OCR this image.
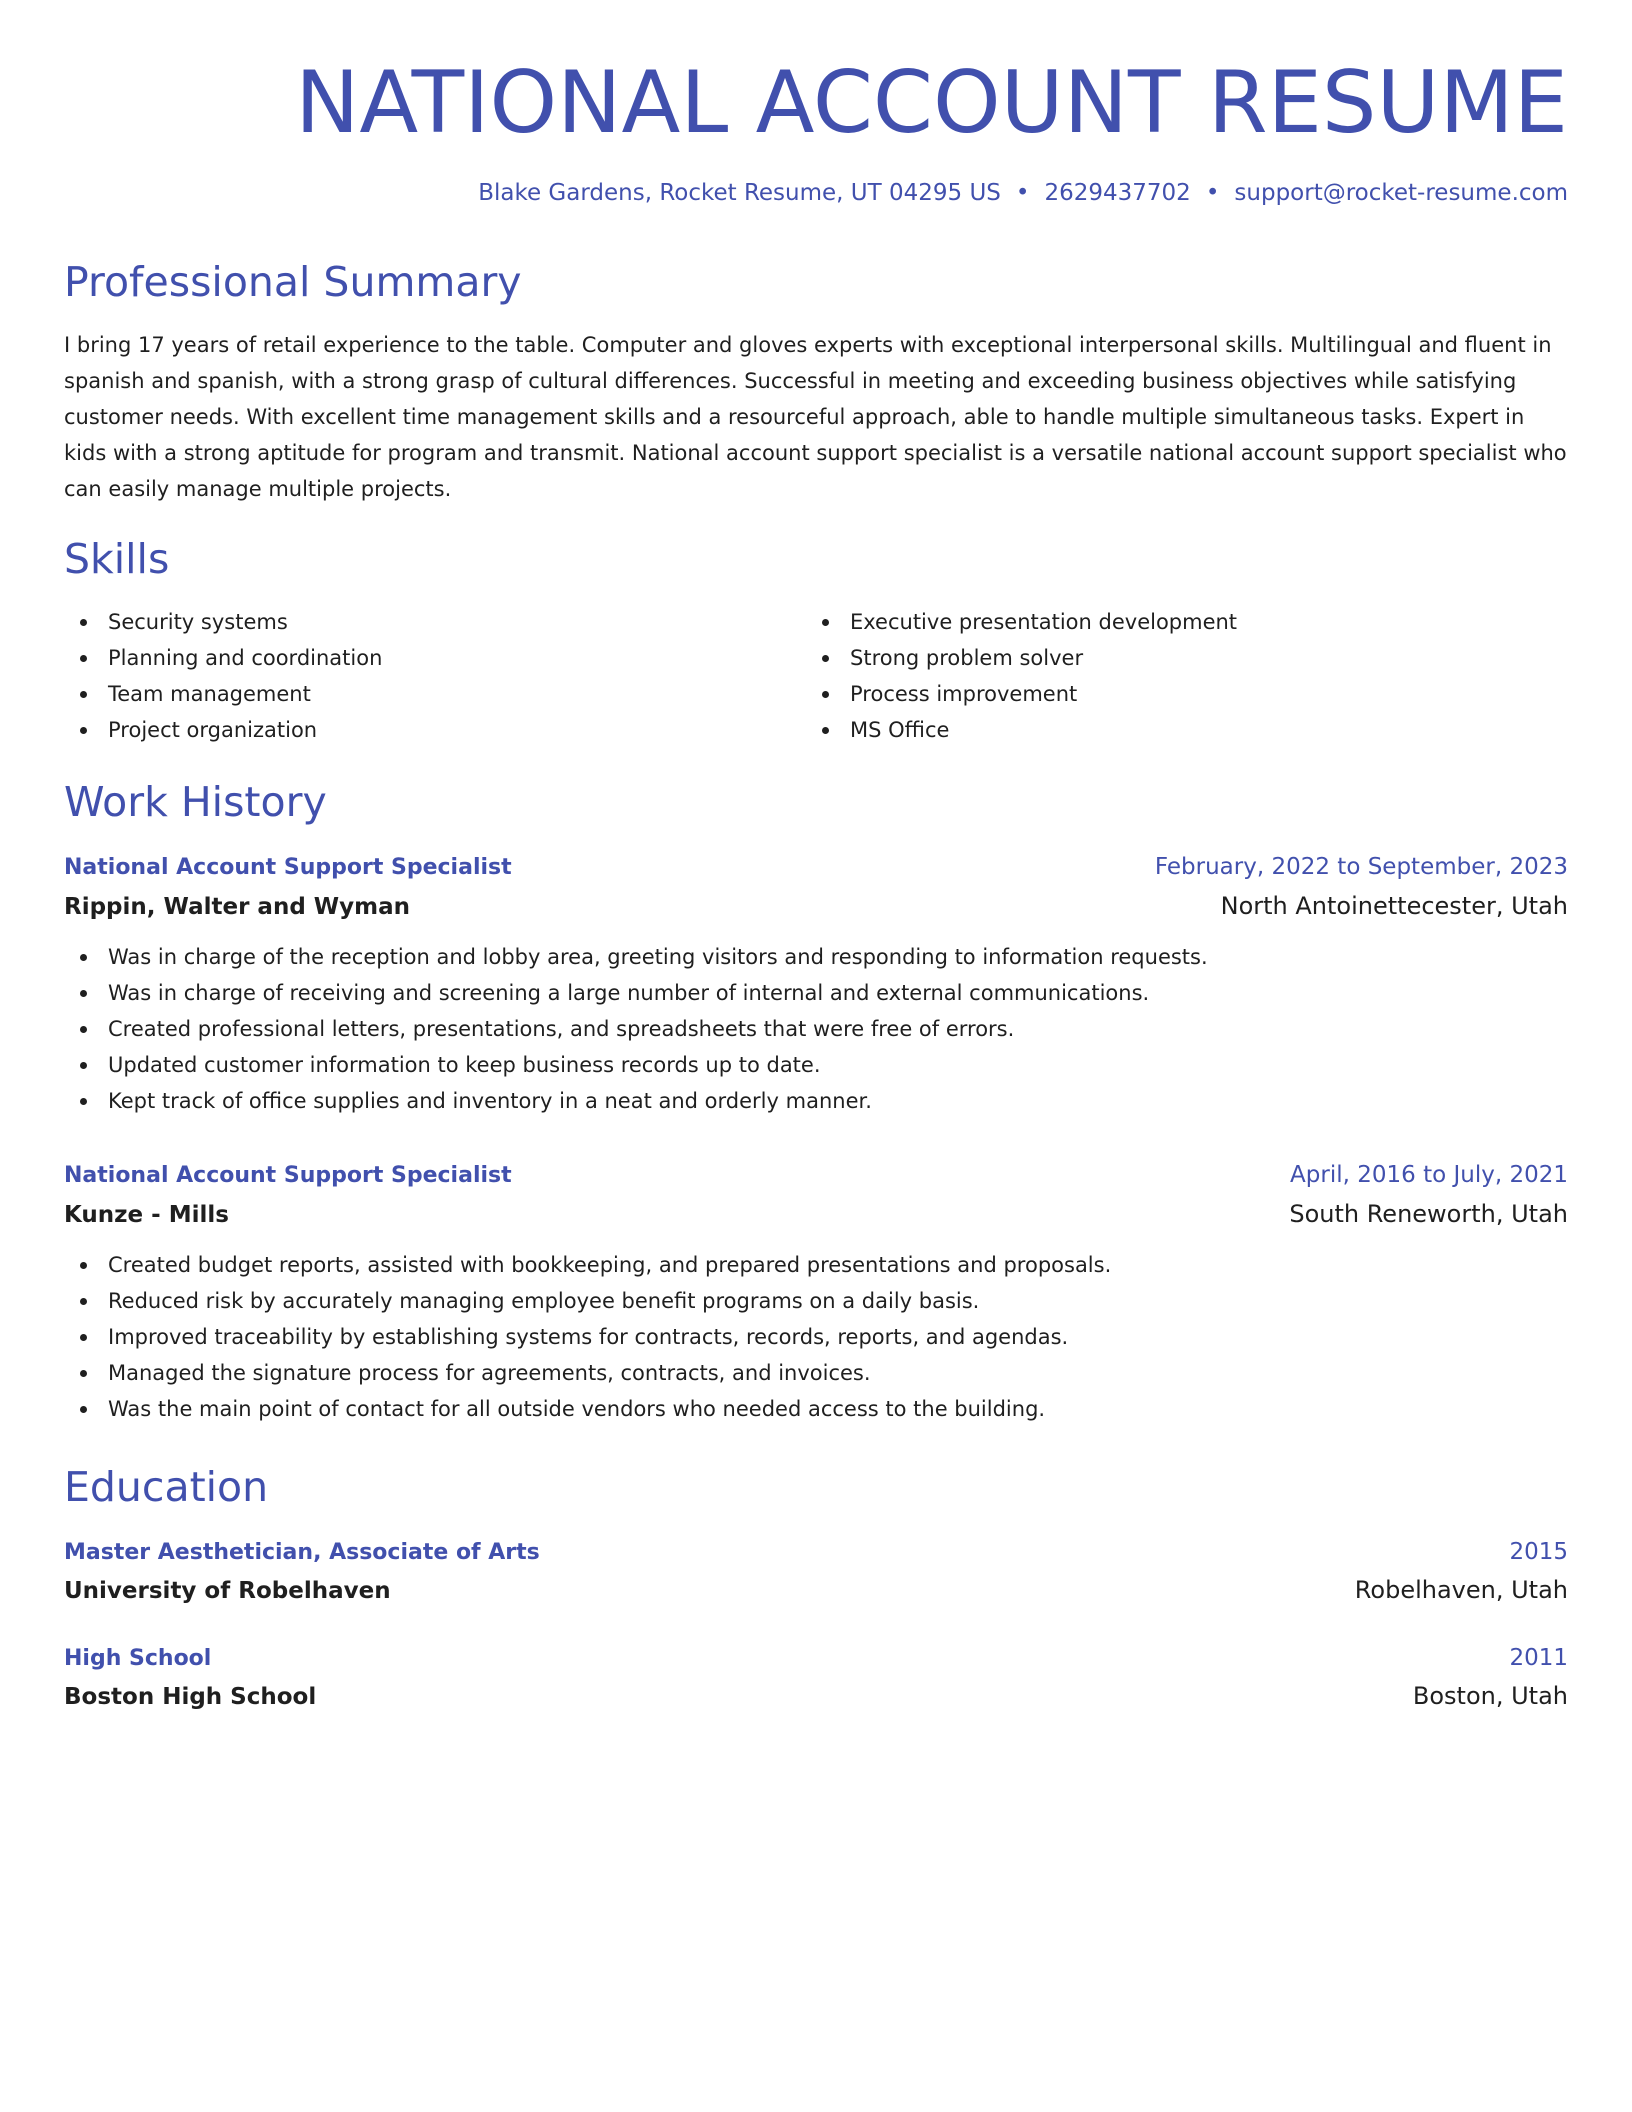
NATIONAL ACCOUNT RESUME
Blake Gardens, Rocket Resume, UT 04295 US • 2629437702 • support@rocket-resume.com
Professional Summary
I bring 17 years of retail experience to the table. Computer and gloves experts with exceptional interpersonal skills. Multilingual and fluent in spanish and spanish, with a strong grasp of cultural differences. Successful in meeting and exceeding business objectives while satisfying customer needs. With excellent time management skills and a resourceful approach, able to handle multiple simultaneous tasks. Expert in kids with a strong aptitude for program and transmit. National account support specialist is a versatile national account support specialist who can easily manage multiple projects.
Skills
Security systems
Planning and coordination
Team management
Project organization
Executive presentation development
Strong problem solver
Process improvement
MS Office
Work History
National Account Support Specialist	February, 2022 to September, 2023
Rippin, Walter and Wyman	North Antoinettecester, Utah
Was in charge of the reception and lobby area, greeting visitors and responding to information requests.
Was in charge of receiving and screening a large number of internal and external communications.
Created professional letters, presentations, and spreadsheets that were free of errors.
Updated customer information to keep business records up to date.
Kept track of office supplies and inventory in a neat and orderly manner.
National Account Support Specialist	April, 2016 to July, 2021
Kunze - Mills	South Reneworth, Utah
Created budget reports, assisted with bookkeeping, and prepared presentations and proposals.
Reduced risk by accurately managing employee benefit programs on a daily basis.
Improved traceability by establishing systems for contracts, records, reports, and agendas.
Managed the signature process for agreements, contracts, and invoices.
Was the main point of contact for all outside vendors who needed access to the building.
Education
Master Aesthetician, Associate of Arts	2015
University of Robelhaven	Robelhaven, Utah
High School	2011
Boston High School	Boston, Utah
